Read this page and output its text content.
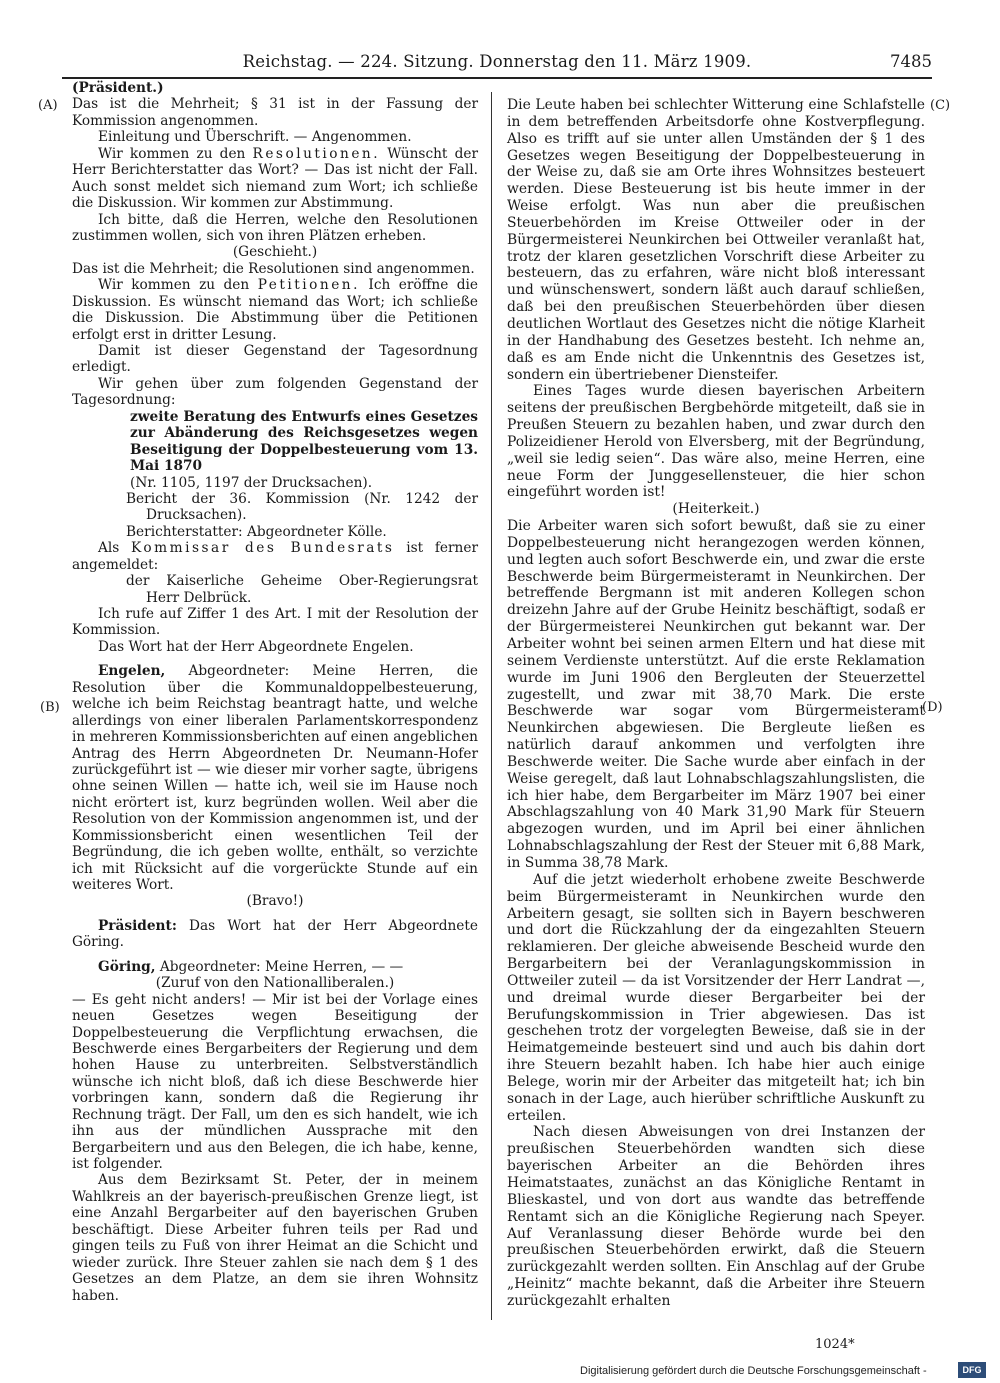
Reichstag. — 224. Sitzung. Donnerstag den 11. März 1909.	7485
(A)
(B)
(C)
(D)

(Präsident.)

Das ist die Mehrheit; § 31 ist in der Fassung der Kommission angenommen.

Einleitung und Überschrift. — Angenommen.

Wir kommen zu den Resolutionen. Wünscht der Herr Berichterstatter das Wort? — Das ist nicht der Fall. Auch sonst meldet sich niemand zum Wort; ich schließe die Diskussion. Wir kommen zur Abstimmung.

Ich bitte, daß die Herren, welche den Resolutionen zustimmen wollen, sich von ihren Plätzen erheben.

(Geschieht.)

Das ist die Mehrheit; die Resolutionen sind angenommen.

Wir kommen zu den Petitionen. Ich eröffne die Diskussion. Es wünscht niemand das Wort; ich schließe die Diskussion. Die Abstimmung über die Petitionen erfolgt erst in dritter Lesung.

Damit ist dieser Gegenstand der Tagesordnung erledigt.

Wir gehen über zum folgenden Gegenstand der Tagesordnung:

zweite Beratung des Entwurfs eines Gesetzes zur Abänderung des Reichsgesetzes wegen Beseitigung der Doppelbesteuerung vom 13. Mai 1870

(Nr. 1105, 1197 der Drucksachen).

Bericht der 36. Kommission (Nr. 1242 der Drucksachen).

Berichterstatter: Abgeordneter Kölle.

Als Kommissar des Bundesrats ist ferner angemeldet:

der Kaiserliche Geheime Ober-Regierungsrat Herr Delbrück.

Ich rufe auf Ziffer 1 des Art. I mit der Resolution der Kommission.

Das Wort hat der Herr Abgeordnete Engelen.

Engelen, Abgeordneter: Meine Herren, die Resolution über die Kommunaldoppelbesteuerung, welche ich beim Reichstag beantragt hatte, und welche allerdings von einer liberalen Parlamentskorrespondenz in mehreren Kommissionsberichten auf einen angeblichen Antrag des Herrn Abgeordneten Dr. Neumann-Hofer zurückgeführt ist — wie dieser mir vorher sagte, übrigens ohne seinen Willen — hatte ich, weil sie im Hause noch nicht erörtert ist, kurz begründen wollen. Weil aber die Resolution von der Kommission angenommen ist, und der Kommissionsbericht einen wesentlichen Teil der Begründung, die ich geben wollte, enthält, so verzichte ich mit Rücksicht auf die vorgerückte Stunde auf ein weiteres Wort.

(Bravo!)

Präsident: Das Wort hat der Herr Abgeordnete Göring.

Göring, Abgeordneter: Meine Herren, — —

(Zuruf von den Nationalliberalen.)

— Es geht nicht anders! — Mir ist bei der Vorlage eines neuen Gesetzes wegen Beseitigung der Doppelbesteuerung die Verpflichtung erwachsen, die Beschwerde eines Bergarbeiters der Regierung und dem hohen Hause zu unterbreiten. Selbstverständlich wünsche ich nicht bloß, daß ich diese Beschwerde hier vorbringen kann, sondern daß die Regierung ihr Rechnung trägt. Der Fall, um den es sich handelt, wie ich ihn aus der mündlichen Aussprache mit den Bergarbeitern und aus den Belegen, die ich habe, kenne, ist folgender.

Aus dem Bezirksamt St. Peter, der in meinem Wahlkreis an der bayerisch-preußischen Grenze liegt, ist eine Anzahl Bergarbeiter auf den bayerischen Gruben beschäftigt. Diese Arbeiter fuhren teils per Rad und gingen teils zu Fuß von ihrer Heimat an die Schicht und wieder zurück. Ihre Steuer zahlen sie nach dem § 1 des Gesetzes an dem Platze, an dem sie ihren Wohnsitz haben.

Die Leute haben bei schlechter Witterung eine Schlafstelle in dem betreffenden Arbeitsdorfe ohne Kostverpflegung. Also es trifft auf sie unter allen Umständen der § 1 des Gesetzes wegen Beseitigung der Doppelbesteuerung in der Weise zu, daß sie am Orte ihres Wohnsitzes besteuert werden. Diese Besteuerung ist bis heute immer in der Weise erfolgt. Was nun aber die preußischen Steuerbehörden im Kreise Ottweiler oder in der Bürgermeisterei Neunkirchen bei Ottweiler veranlaßt hat, trotz der klaren gesetzlichen Vorschrift diese Arbeiter zu besteuern, das zu erfahren, wäre nicht bloß interessant und wünschenswert, sondern läßt auch darauf schließen, daß bei den preußischen Steuerbehörden über diesen deutlichen Wortlaut des Gesetzes nicht die nötige Klarheit in der Handhabung des Gesetzes besteht. Ich nehme an, daß es am Ende nicht die Unkenntnis des Gesetzes ist, sondern ein übertriebener Diensteifer.

Eines Tages wurde diesen bayerischen Arbeitern seitens der preußischen Bergbehörde mitgeteilt, daß sie in Preußen Steuern zu bezahlen haben, und zwar durch den Polizeidiener Herold von Elversberg, mit der Begründung, „weil sie ledig seien“. Das wäre also, meine Herren, eine neue Form der Junggesellensteuer, die hier schon eingeführt worden ist!

(Heiterkeit.)

Die Arbeiter waren sich sofort bewußt, daß sie zu einer Doppelbesteuerung nicht herangezogen werden können, und legten auch sofort Beschwerde ein, und zwar die erste Beschwerde beim Bürgermeisteramt in Neunkirchen. Der betreffende Bergmann ist mit anderen Kollegen schon dreizehn Jahre auf der Grube Heinitz beschäftigt, sodaß er der Bürgermeisterei Neunkirchen gut bekannt war. Der Arbeiter wohnt bei seinen armen Eltern und hat diese mit seinem Verdienste unterstützt. Auf die erste Reklamation wurde im Juni 1906 den Bergleuten der Steuerzettel zugestellt, und zwar mit 38,70 Mark. Die erste Beschwerde war sogar vom Bürgermeisteramt Neunkirchen abgewiesen. Die Bergleute ließen es natürlich darauf ankommen und verfolgten ihre Beschwerde weiter. Die Sache wurde aber einfach in der Weise geregelt, daß laut Lohnabschlagszahlungslisten, die ich hier habe, dem Bergarbeiter im März 1907 bei einer Abschlagszahlung von 40 Mark 31,90 Mark für Steuern abgezogen wurden, und im April bei einer ähnlichen Lohnabschlagszahlung der Rest der Steuer mit 6,88 Mark, in Summa 38,78 Mark.

Auf die jetzt wiederholt erhobene zweite Beschwerde beim Bürgermeisteramt in Neunkirchen wurde den Arbeitern gesagt, sie sollten sich in Bayern beschweren und dort die Rückzahlung der da eingezahlten Steuern reklamieren. Der gleiche abweisende Bescheid wurde den Bergarbeitern bei der Veranlagungskommission in Ottweiler zuteil — da ist Vorsitzender der Herr Landrat —, und dreimal wurde dieser Bergarbeiter bei der Berufungskommission in Trier abgewiesen. Das ist geschehen trotz der vorgelegten Beweise, daß sie in der Heimatgemeinde besteuert sind und auch bis dahin dort ihre Steuern bezahlt haben. Ich habe hier auch einige Belege, worin mir der Arbeiter das mitgeteilt hat; ich bin sonach in der Lage, auch hierüber schriftliche Auskunft zu erteilen.

Nach diesen Abweisungen von drei Instanzen der preußischen Steuerbehörden wandten sich diese bayerischen Arbeiter an die Behörden ihres Heimatstaates, zunächst an das Königliche Rentamt in Blieskastel, und von dort aus wandte das betreffende Rentamt sich an die Königliche Regierung nach Speyer. Auf Veranlassung dieser Behörde wurde bei den preußischen Steuerbehörden erwirkt, daß die Steuern zurückgezahlt werden sollten. Ein Anschlag auf der Grube „Heinitz“ machte bekannt, daß die Arbeiter ihre Steuern zurückgezahlt erhalten

1024*
Digitalisierung gefördert durch die Deutsche Forschungsgemeinschaft -	DFG
